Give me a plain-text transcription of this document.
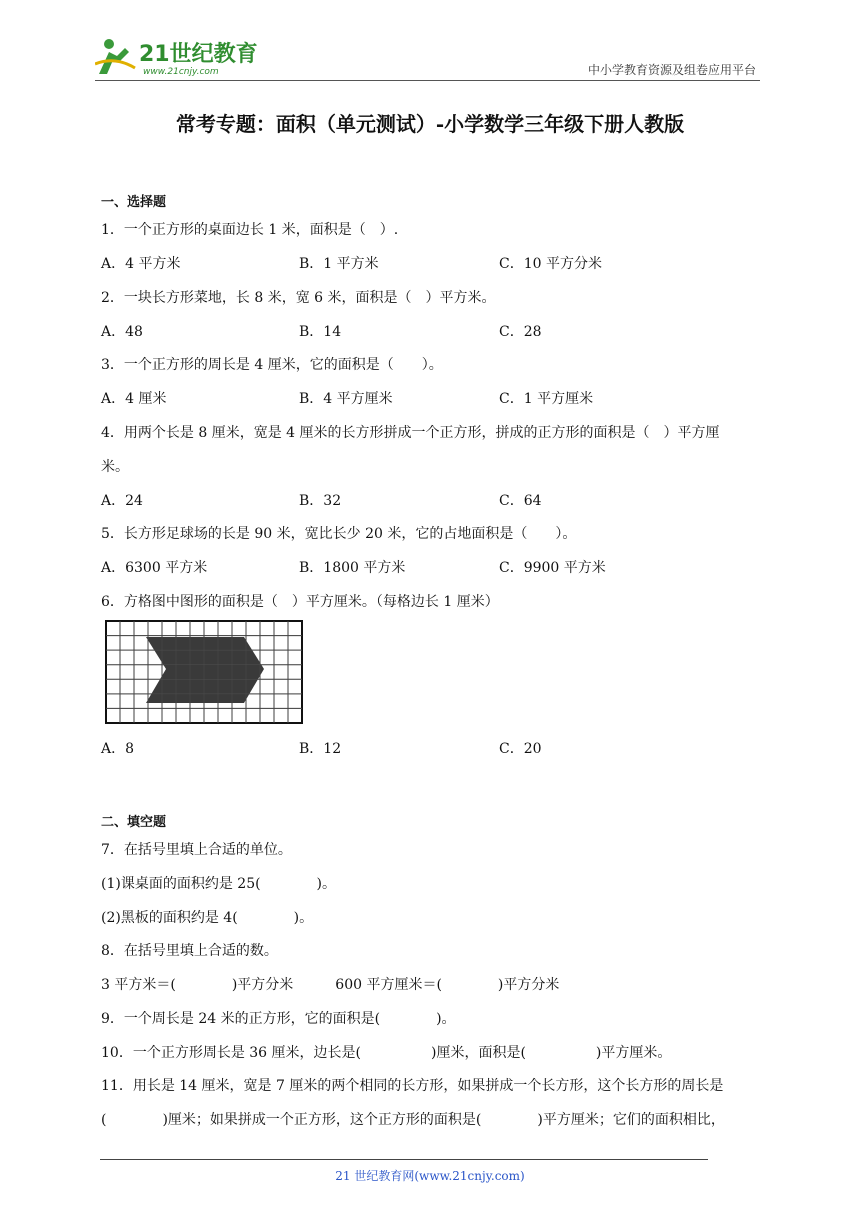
21世纪教育
www.21cnjy.com	中小学教育资源及组卷应用平台
常考专题：面积（单元测试）-小学数学三年级下册人教版
一、选择题
1．一个正方形的桌面边长 1 米，面积是（　）.
A．4 平方米	B．1 平方米	C．10 平方分米
2．一块长方形菜地，长 8 米，宽 6 米，面积是（　）平方米。
A．48	B．14	C．28
3．一个正方形的周长是 4 厘米，它的面积是（　　）。
A．4 厘米	B．4 平方厘米	C．1 平方厘米
4．用两个长是 8 厘米，宽是 4 厘米的长方形拼成一个正方形，拼成的正方形的面积是（　）平方厘
米。
A．24	B．32	C．64
5．长方形足球场的长是 90 米，宽比长少 20 米，它的占地面积是（　　）。
A．6300 平方米	B．1800 平方米	C．9900 平方米
6．方格图中图形的面积是（　）平方厘米。（每格边长 1 厘米）
A．8	B．12	C．20
二、填空题
7．在括号里填上合适的单位。
(1)课桌面的面积约是 25(　　　　)。
(2)黑板的面积约是 4(　　　　)。
8．在括号里填上合适的数。
3 平方米＝(　　　　)平方分米　　　600 平方厘米＝(　　　　)平方分米
9．一个周长是 24 米的正方形，它的面积是(　　　　)。
10．一个正方形周长是 36 厘米，边长是(　　　　　)厘米，面积是(　　　　　)平方厘米。
11．用长是 14 厘米，宽是 7 厘米的两个相同的长方形，如果拼成一个长方形，这个长方形的周长是
(　　　　)厘米；如果拼成一个正方形，这个正方形的面积是(　　　　)平方厘米；它们的面积相比，
21 世纪教育网(www.21cnjy.com)
